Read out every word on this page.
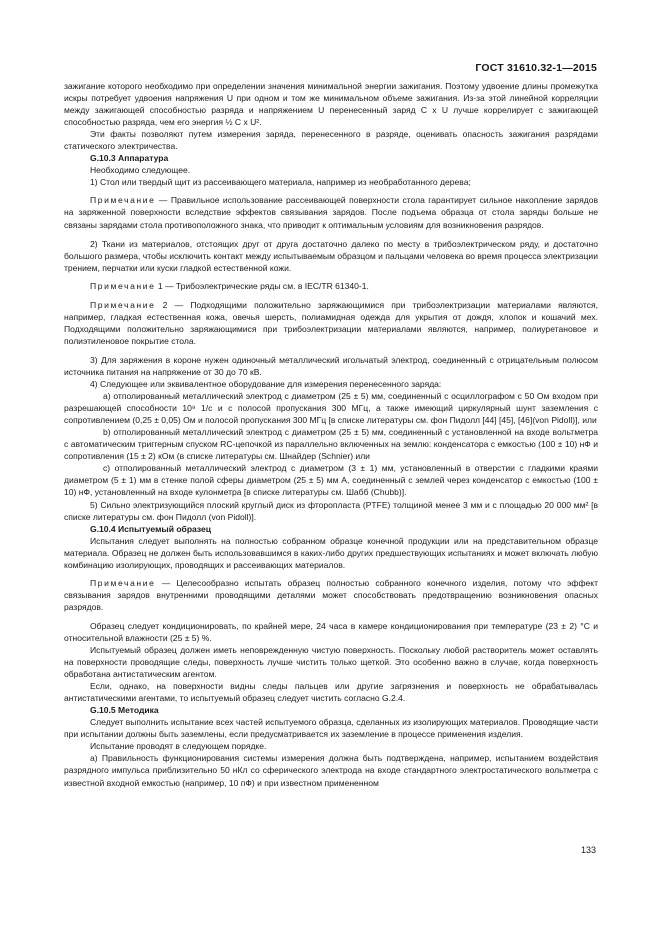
ГОСТ 31610.32-1—2015

зажигание которого необходимо при определении значения минимальной энергии зажигания. Поэтому удвоение длины промежутка искры потребует удвоения напряжения U при одном и том же минимальном объеме зажигания. Из-за этой линейной корреляции между зажигающей способностью разряда и напряжением U перенесенный заряд C x U лучше коррелирует с зажигающей способностью разряда, чем его энергия ½ C x U².

Эти факты позволяют путем измерения заряда, перенесенного в разряде, оценивать опасность зажигания разрядами статического электричества.

G.10.3 Аппаратура

Необходимо следующее.

1) Стол или твердый щит из рассеивающего материала, например из необработанного дерева;

Примечание — Правильное использование рассеивающей поверхности стола гарантирует сильное накопление зарядов на заряженной поверхности вследствие эффектов связывания зарядов. После подъема образца от стола заряды больше не связаны зарядами стола противоположного знака, что приводит к оптимальным условиям для возникновения разрядов.

2) Ткани из материалов, отстоящих друг от друга достаточно далеко по месту в трибоэлектрическом ряду, и достаточно большого размера, чтобы исключить контакт между испытываемым образцом и пальцами человека во время процесса электризации трением, перчатки или куски гладкой естественной кожи.

Примечание 1 — Трибоэлектрические ряды см. в IEC/TR 61340-1.

Примечание 2 — Подходящими положительно заряжающимися при трибоэлектризации материалами являются, например, гладкая естественная кожа, овечья шерсть, полиамидная одежда для укрытия от дождя, хлопок и кошачий мех. Подходящими положительно заряжающимися при трибоэлектризации материалами являются, например, полиуретановое и полиэтиленовое покрытие стола.

3) Для заряжения в короне нужен одиночный металлический игольчатый электрод, соединенный с отрицательным полюсом источника питания на напряжение от 30 до 70 кВ.

4) Следующее или эквивалентное оборудование для измерения перенесенного заряда:

a) отполированный металлический электрод с диаметром (25 ± 5) мм, соединенный с осциллографом с 50 Ом входом при разрешающей способности 10⁹ 1/с и с полосой пропускания 300 МГц, а также имеющий циркулярный шунт заземления с сопротивлением (0,25 ± 0,05) Ом и полосой пропускания 300 МГц [в списке литературы см. фон Пидолл [44] [45], [46](von Pidoll)], или

b) отполированный металлический электрод с диаметром (25 ± 5) мм, соединенный с установленной на входе вольтметра с автоматическим триггерным спуском RC-цепочкой из параллельно включенных на землю: конденсатора с емкостью (100 ± 10) нФ и сопротивления (15 ± 2) кОм (в списке литературы см. Шнайдер (Schnier) или

c) отполированный металлический электрод с диаметром (3 ± 1) мм, установленный в отверстии с гладкими краями диаметром (5 ± 1) мм в стенке полой сферы диаметром (25 ± 5) мм A, соединенный с землей через конденсатор с емкостью (100 ± 10) нФ, установленный на входе кулонметра [в списке литературы см. Шабб (Chubb)].

5) Сильно электризующийся плоский круглый диск из фторопласта (PTFE) толщиной менее 3 мм и с площадью 20 000 мм² [в списке литературы см. фон Пидолл (von Pidoll)].

G.10.4 Испытуемый образец

Испытания следует выполнять на полностью собранном образце конечной продукции или на представительном образце материала. Образец не должен быть использовавшимся в каких-либо других предшествующих испытаниях и может включать любую комбинацию изолирующих, проводящих и рассеивающих материалов.

Примечание — Целесообразно испытать образец полностью собранного конечного изделия, потому что эффект связывания зарядов внутренними проводящими деталями может способствовать предотвращению возникновения опасных разрядов.

Образец следует кондиционировать, по крайней мере, 24 часа в камере кондиционирования при температуре (23 ± 2) °С и относительной влажности (25 ± 5) %.

Испытуемый образец должен иметь неповрежденную чистую поверхность. Поскольку любой растворитель может оставлять на поверхности проводящие следы, поверхность лучше чистить только щеткой. Это особенно важно в случае, когда поверхность обработана антистатическим агентом.

Если, однако, на поверхности видны следы пальцев или другие загрязнения и поверхность не обрабатывалась антистатическими агентами, то испытуемый образец следует чистить согласно G.2.4.

G.10.5 Методика

Следует выполнить испытание всех частей испытуемого образца, сделанных из изолирующих материалов. Проводящие части при испытании должны быть заземлены, если предусматривается их заземление в процессе применения изделия.

Испытание проводят в следующем порядке.

a) Правильность функционирования системы измерения должна быть подтверждена, например, испытанием воздействия разрядного импульса приблизительно 50 нКл со сферического электрода на входе стандартного электростатического вольтметра с известной входной емкостью (например, 10 пФ) и при известном примененном

133
